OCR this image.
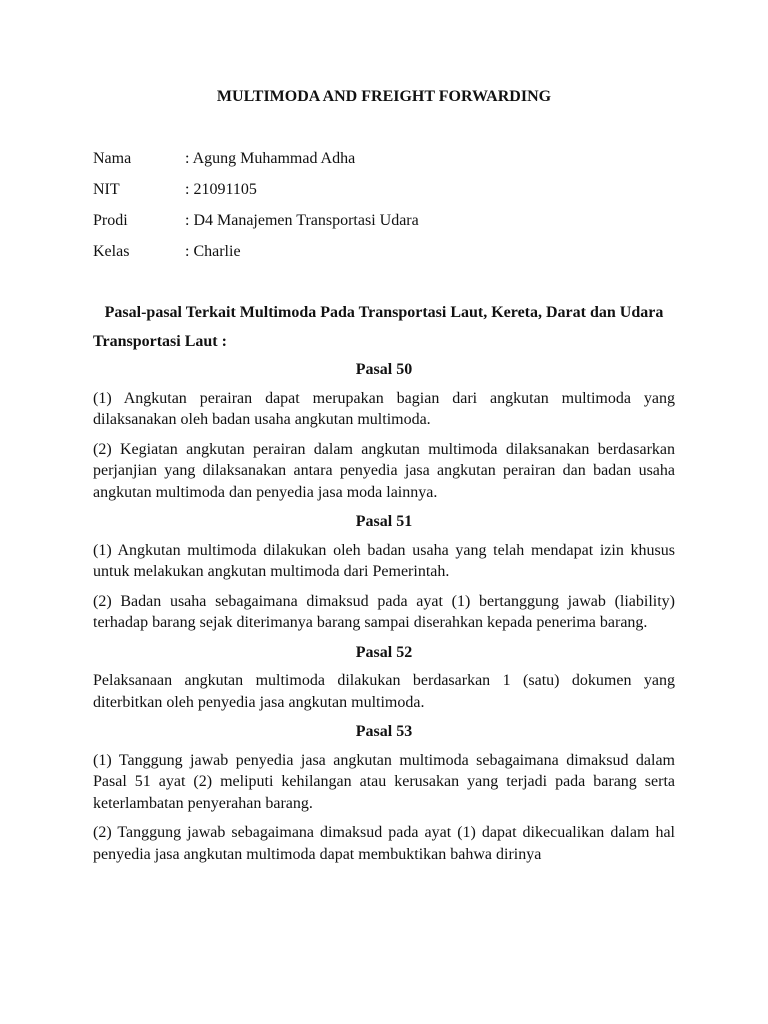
MULTIMODA AND FREIGHT FORWARDING
Nama	: Agung Muhammad Adha
NIT	: 21091105
Prodi	: D4 Manajemen Transportasi Udara
Kelas	: Charlie

Pasal-pasal Terkait Multimoda Pada Transportasi Laut, Kereta, Darat dan Udara

Transportasi Laut :

Pasal 50

(1) Angkutan perairan dapat merupakan bagian dari angkutan multimoda yang dilaksanakan oleh badan usaha angkutan multimoda.

(2) Kegiatan angkutan perairan dalam angkutan multimoda dilaksanakan berdasarkan perjanjian yang dilaksanakan antara penyedia jasa angkutan perairan dan badan usaha angkutan multimoda dan penyedia jasa moda lainnya.

Pasal 51

(1) Angkutan multimoda dilakukan oleh badan usaha yang telah mendapat izin khusus untuk melakukan angkutan multimoda dari Pemerintah.

(2) Badan usaha sebagaimana dimaksud pada ayat (1) bertanggung jawab (liability) terhadap barang sejak diterimanya barang sampai diserahkan kepada penerima barang.

Pasal 52

Pelaksanaan angkutan multimoda dilakukan berdasarkan 1 (satu) dokumen yang diterbitkan oleh penyedia jasa angkutan multimoda.

Pasal 53

(1) Tanggung jawab penyedia jasa angkutan multimoda sebagaimana dimaksud dalam Pasal 51 ayat (2) meliputi kehilangan atau kerusakan yang terjadi pada barang serta keterlambatan penyerahan barang.

(2) Tanggung jawab sebagaimana dimaksud pada ayat (1) dapat dikecualikan dalam hal penyedia jasa angkutan multimoda dapat membuktikan bahwa dirinya
